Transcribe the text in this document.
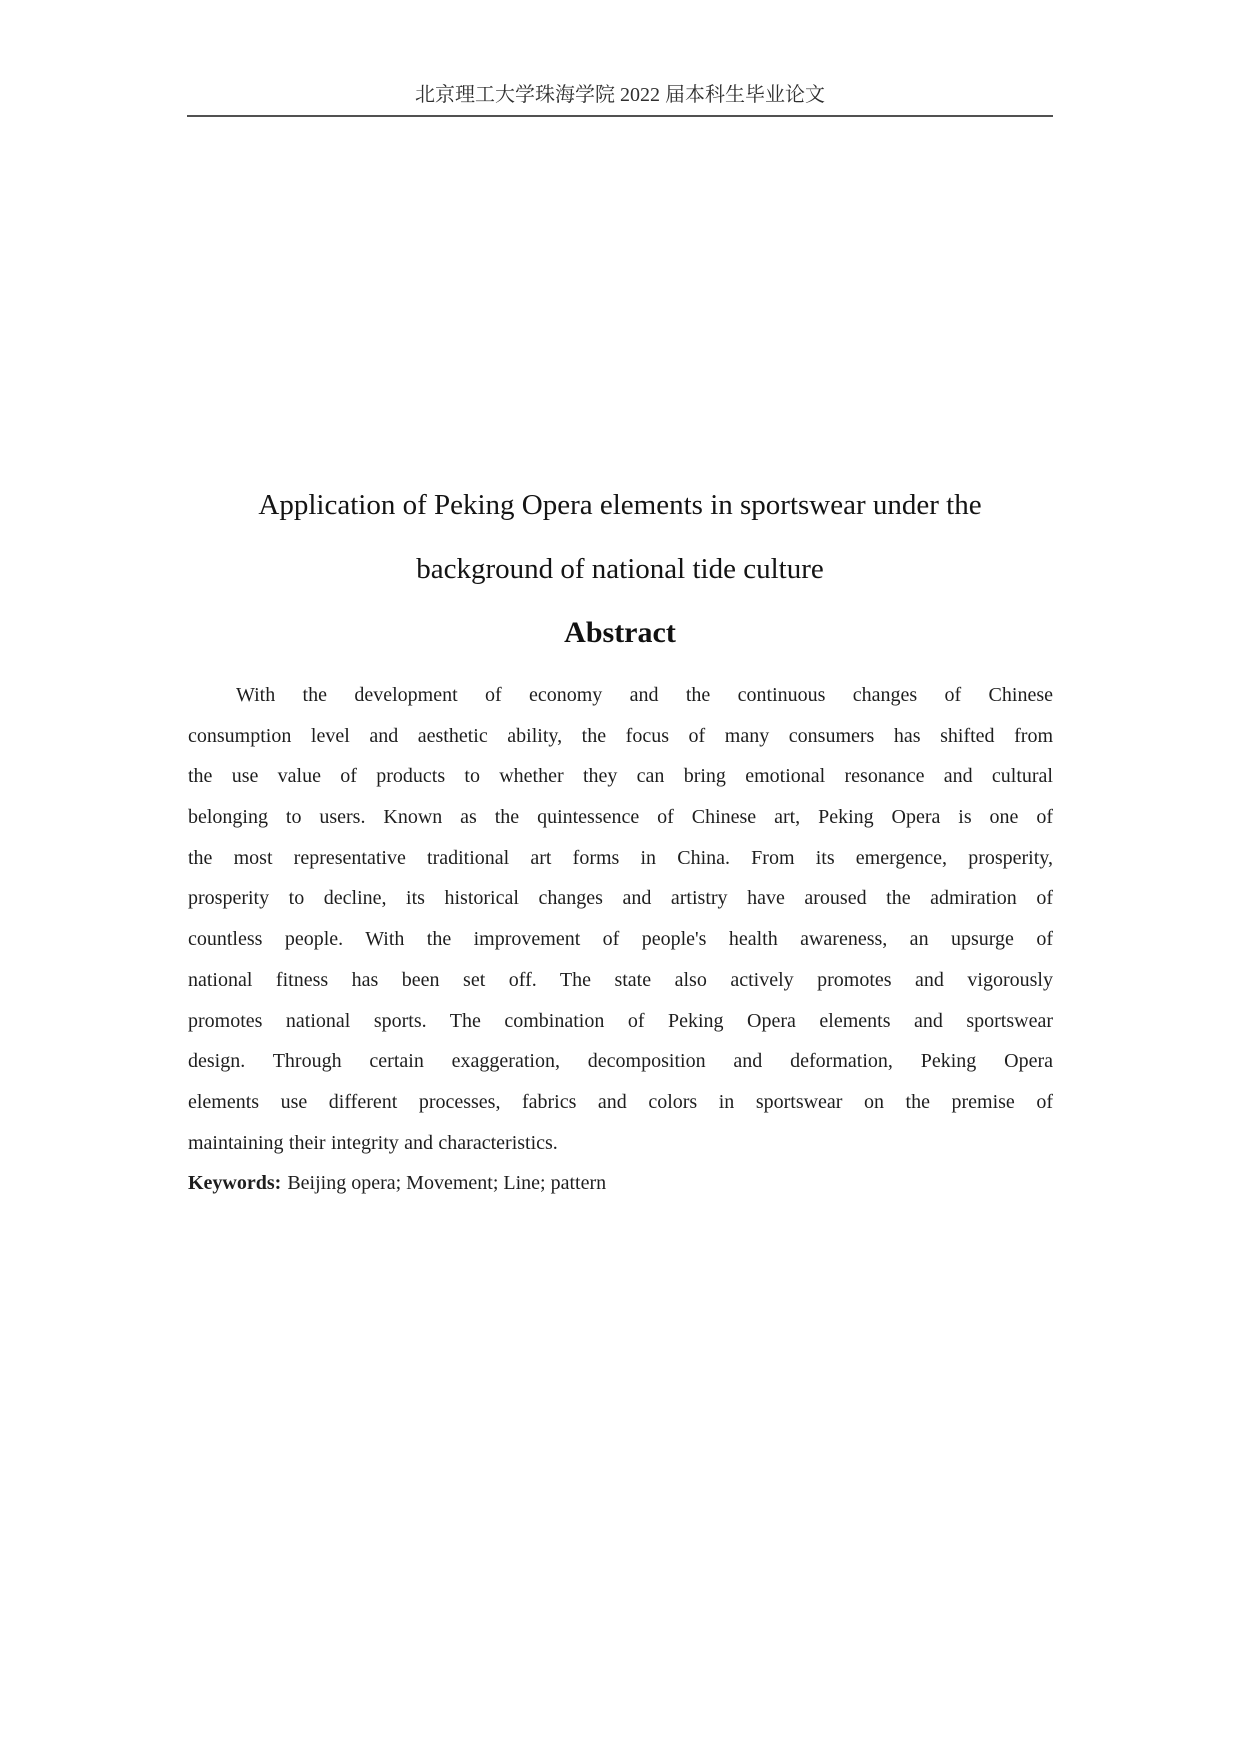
北京理工大学珠海学院 2022 届本科生毕业论文
Application of Peking Opera elements in sportswear under the
background of national tide culture
Abstract
With the development of economy and the continuous changes of Chinese
consumption level and aesthetic ability, the focus of many consumers has shifted from
the use value of products to whether they can bring emotional resonance and cultural
belonging to users. Known as the quintessence of Chinese art, Peking Opera is one of
the most representative traditional art forms in China. From its emergence, prosperity,
prosperity to decline, its historical changes and artistry have aroused the admiration of
countless people. With the improvement of people's health awareness, an upsurge of
national fitness has been set off. The state also actively promotes and vigorously
promotes national sports. The combination of Peking Opera elements and sportswear
design. Through certain exaggeration, decomposition and deformation, Peking Opera
elements use different processes, fabrics and colors in sportswear on the premise of
maintaining their integrity and characteristics.
Keywords: Beijing opera; Movement; Line; pattern
